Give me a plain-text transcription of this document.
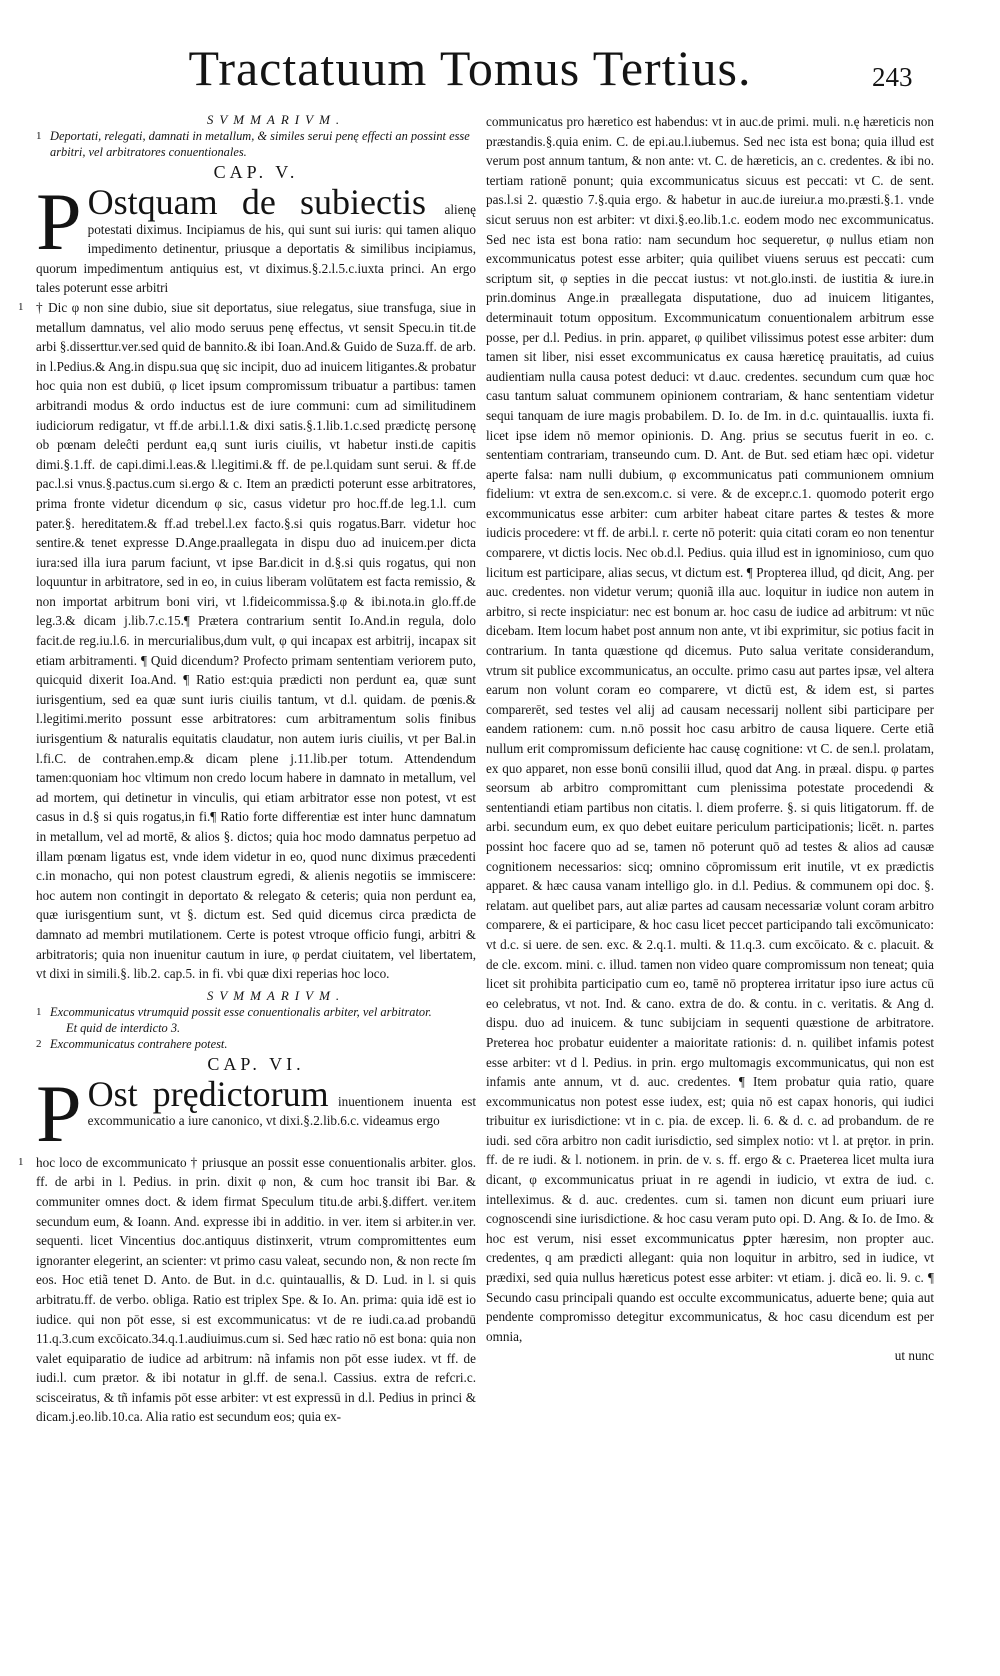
Tractatuum Tomus Tertius.	243
SVMMARIVM.

1 Deportati, relegati, damnati in metallum, & similes serui penę effecti an possint esse arbitri, vel arbitratores conuentionales.

CAP. V.
P Ostquam de subiectis alienę potestati diximus. Incipiamus de his, qui sunt sui iuris: qui tamen aliquo impedimento detinentur, priusque a deportatis & similibus incipiamus, quorum impedimentum antiquius est, vt diximus.§.2.l.5.c.iuxta princi. An ergo tales poterunt esse arbitri

1 † Dic φ non sine dubio, siue sit deportatus, siue relegatus, siue transfuga, siue in metallum damnatus, vel alio modo seruus penę effectus, vt sensit Specu.in tit.de arbi §.disserttur.ver.sed quid de bannito.& ibi Ioan.And.& Guido de Suza.ff. de arb. in l.Pedius.& Ang.in dispu.sua quę sic incipit, duo ad inuicem litigantes.& probatur hoc quia non est dubiū, φ licet ipsum compromissum tribuatur a partibus: tamen arbitrandi modus & ordo inductus est de iure communi: cum ad similitudinem iudiciorum redigatur, vt ff.de arbi.l.1.& dixi satis.§.1.lib.1.c.sed prædictę personę ob pœnam deleĉti perdunt ea,q sunt iuris ciuilis, vt habetur insti.de capitis dimi.§.1.ff. de capi.dimi.l.eas.& l.legitimi.& ff. de pe.l.quidam sunt serui. & ff.de pac.l.si vnus.§.pactus.cum si.ergo & c. Item an prædicti poterunt esse arbitratores, prima fronte videtur dicendum φ sic, casus videtur pro hoc.ff.de leg.1.l. cum pater.§. hereditatem.& ff.ad trebel.l.ex facto.§.si quis rogatus.Barr. videtur hoc sentire.& tenet expresse D.Ange.praallegata in dispu duo ad inuicem.per dicta iura:sed illa iura parum faciunt, vt ipse Bar.dicit in d.§.si quis rogatus, qui non loquuntur in arbitratore, sed in eo, in cuius liberam volūtatem est facta remissio, & non importat arbitrum boni viri, vt l.fideicommissa.§.φ & ibi.nota.in glo.ff.de leg.3.& dicam j.lib.7.c.15.¶ Prætera contrarium sentit Io.And.in regula, dolo facit.de reg.iu.l.6. in mercurialibus,dum vult, φ qui incapax est arbitrij, incapax sit etiam arbitramenti. ¶ Quid dicendum? Profecto primam sententiam veriorem puto, quicquid dixerit Ioa.And. ¶ Ratio est:quia prædicti non perdunt ea, quæ sunt iurisgentium, sed ea quæ sunt iuris ciuilis tantum, vt d.l. quidam. de pœnis.& l.legitimi.merito possunt esse arbitratores: cum arbitramentum solis finibus iurisgentium & naturalis equitatis claudatur, non autem iuris ciuilis, vt per Bal.in l.fi.C. de contrahen.emp.& dicam plene j.11.lib.per totum. Attendendum tamen:quoniam hoc vltimum non credo locum habere in damnato in metallum, vel ad mortem, qui detinetur in vinculis, qui etiam arbitrator esse non potest, vt est casus in d.§ si quis rogatus,in fi.¶ Ratio forte differentiæ est inter hunc damnatum in metallum, vel ad mortē, & alios §. dictos; quia hoc modo damnatus perpetuo ad illam pœnam ligatus est, vnde idem videtur in eo, quod nunc diximus præcedenti c.in monacho, qui non potest claustrum egredi, & alienis negotiis se immiscere: hoc autem non contingit in deportato & relegato & ceteris; quia non perdunt ea, quæ iurisgentium sunt, vt §. dictum est. Sed quid dicemus circa prædicta de damnato ad membri mutilationem. Certe is potest vtroque officio fungi, arbitri & arbitratoris; quia non inuenitur cautum in iure, φ perdat ciuitatem, vel libertatem, vt dixi in simili.§. lib.2. cap.5. in fi. vbi quæ dixi reperias hoc loco.

SVMMARIVM.

1 Excommunicatus vtrumquid possit esse conuentionalis arbiter, vel arbitrator.

Et quid de interdicto 3.

2 Excommunicatus contrahere potest.

CAP. VI.
P Ost prędictorum inuentionem inuenta est excommunicatio a iure canonico, vt dixi.§.2.lib.6.c. videamus ergo

1 hoc loco de excommunicato † priusque an possit esse conuentionalis arbiter. glos. ff. de arbi in l. Pedius. in prin. dixit φ non, & cum hoc transit ibi Bar. & communiter omnes doct. & idem firmat Speculum titu.de arbi.§.differt. ver.item secundum eum, & Ioann. And. expresse ibi in additio. in ver. item si arbiter.in ver. sequenti. licet Vincentius doc.antiquus distinxerit, vtrum compromittentes eum ignoranter elegerint, an scienter: vt primo casu valeat, secundo non, & non recte ſm eos. Hoc etiã tenet D. Anto. de But. in d.c. quintauallis, & D. Lud. in l. si quis arbitratu.ff. de verbo. obliga. Ratio est triplex Spe. & Io. An. prima: quia idē est io iudice. qui non pōt esse, si est excommunicatus: vt de re iudi.ca.ad probandū 11.q.3.cum excōicato.34.q.1.audiuimus.cum si. Sed hæc ratio nō est bona: quia non valet equiparatio de iudice ad arbitrum: nã infamis non pōt esse iudex. vt ff. de iudi.l. cum prætor. & ibi notatur in gl.ff. de sena.l. Cassius. extra de refcri.c. scisceiratus, & tñ infamis pōt esse arbiter: vt est expressū in d.l. Pedius in princi & dicam.j.eo.lib.10.ca. Alia ratio est secundum eos; quia ex-

communicatus pro hæretico est habendus: vt in auc.de primi. muli. n.ę hæreticis non præstandis.§.quia enim. C. de epi.au.l.iubemus. Sed nec ista est bona; quia illud est verum post annum tantum, & non ante: vt. C. de hæreticis, an c. credentes. & ibi no. tertiam rationē ponunt; quia excommunicatus sicuus est peccati: vt C. de sent. pas.l.si 2. quæstio 7.§.quia ergo. & habetur in auc.de iureiur.a mo.præsti.§.1. vnde sicut seruus non est arbiter: vt dixi.§.eo.lib.1.c. eodem modo nec excommunicatus. Sed nec ista est bona ratio: nam secundum hoc sequeretur, φ nullus etiam non excommunicatus potest esse arbiter; quia quilibet viuens seruus est peccati: cum scriptum sit, φ septies in die peccat iustus: vt not.glo.insti. de iustitia & iure.in prin.dominus Ange.in præallegata disputatione, duo ad inuicem litigantes, determinauit totum oppositum. Excommunicatum conuentionalem arbitrum esse posse, per d.l. Pedius. in prin. apparet, φ quilibet vilissimus potest esse arbiter: dum tamen sit liber, nisi esset excommunicatus ex causa hæreticę prauitatis, ad cuius audientiam nulla causa potest deduci: vt d.auc. credentes. secundum cum quæ hoc casu tantum saluat communem opinionem contrariam, & hanc sententiam videtur sequi tanquam de iure magis probabilem. D. Io. de Im. in d.c. quintauallis. iuxta fi. licet ipse idem nō memor opinionis. D. Ang. prius se secutus fuerit in eo. c. sententiam contrariam, transeundo cum. D. Ant. de But. sed etiam hæc opi. videtur aperte falsa: nam nulli dubium, φ excommunicatus pati communionem omnium fidelium: vt extra de sen.excom.c. si vere. & de excepr.c.1. quomodo poterit ergo excommunicatus esse arbiter: cum arbiter habeat citare partes & testes & more iudicis procedere: vt ff. de arbi.l. r. certe nō poterit: quia citati coram eo non tenentur comparere, vt dictis locis. Nec ob.d.l. Pedius. quia illud est in ignominioso, cum quo licitum est participare, alias secus, vt dictum est. ¶ Propterea illud, qd dicit, Ang. per auc. credentes. non videtur verum; quoniã illa auc. loquitur in iudice non autem in arbitro, si recte inspiciatur: nec est bonum ar. hoc casu de iudice ad arbitrum: vt nūc dicebam. Item locum habet post annum non ante, vt ibi exprimitur, sic potius facit in contrarium. In tanta quæstione qd dicemus. Puto salua veritate considerandum, vtrum sit publice excommunicatus, an occulte. primo casu aut partes ipsæ, vel altera earum non volunt coram eo comparere, vt dictū est, & idem est, si partes comparerēt, sed testes vel alij ad causam necessarij nollent sibi participare per eandem rationem: cum. n.nō possit hoc casu arbitro de causa liquere. Certe etiã nullum erit compromissum deficiente hac causę cognitione: vt C. de sen.l. prolatam, ex quo apparet, non esse bonū consilii illud, quod dat Ang. in præal. dispu. φ partes seorsum ab arbitro compromittant cum plenissima potestate procedendi & sententiandi etiam partibus non citatis. l. diem proferre. §. si quis litigatorum. ff. de arbi. secundum eum, ex quo debet euitare periculum participationis; licēt. n. partes possint hoc facere quo ad se, tamen nō poterunt quō ad testes & alios ad causæ cognitionem necessarios: sicq; omnino cōpromissum erit inutile, vt ex prædictis apparet. & hæc causa vanam intelligo glo. in d.l. Pedius. & communem opi doc. §. relatam. aut quelibet pars, aut aliæ partes ad causam necessariæ volunt coram arbitro comparere, & ei participare, & hoc casu licet peccet participando tali excōmunicato: vt d.c. si uere. de sen. exc. & 2.q.1. multi. & 11.q.3. cum excōicato. & c. placuit. & de cle. excom. mini. c. illud. tamen non video quare compromissum non teneat; quia licet sit prohibita participatio cum eo, tamē nō propterea irritatur ipso iure actus cū eo celebratus, vt not. Ind. & cano. extra de do. & contu. in c. veritatis. & Ang d. dispu. duo ad inuicem. & tunc subijciam in sequenti quæstione de arbitratore. Preterea hoc probatur euidenter a maioritate rationis: d. n. quilibet infamis potest esse arbiter: vt d l. Pedius. in prin. ergo multomagis excommunicatus, qui non est infamis ante annum, vt d. auc. credentes. ¶ Item probatur quia ratio, quare excommunicatus non potest esse iudex, est; quia nō est capax honoris, qui iudici tribuitur ex iurisdictione: vt in c. pia. de excep. li. 6. & d. c. ad probandum. de re iudi. sed cōra arbitro non cadit iurisdictio, sed simplex notio: vt l. at prętor. in prin. ff. de re iudi. & l. notionem. in prin. de v. s. ff. ergo & c. Praeterea licet multa iura dicant, φ excommunicatus priuat in re agendi in iudicio, vt extra de iud. c. intelleximus. & d. auc. credentes. cum si. tamen non dicunt eum priuari iure cognoscendi sine iurisdictione. & hoc casu veram puto opi. D. Ang. & Io. de Imo. & hoc est verum, nisi esset excommunicatus ꝑpter hæresim, non propter auc. credentes, q am prædicti allegant: quia non loquitur in arbitro, sed in iudice, vt prædixi, sed quia nullus hæreticus potest esse arbiter: vt etiam. j. dicã eo. li. 9. c. ¶ Secundo casu principali quando est occulte excommunicatus, aduerte bene; quia aut pendente compromisso detegitur excommunicatus, & hoc casu dicendum est per omnia,

ut nunc
